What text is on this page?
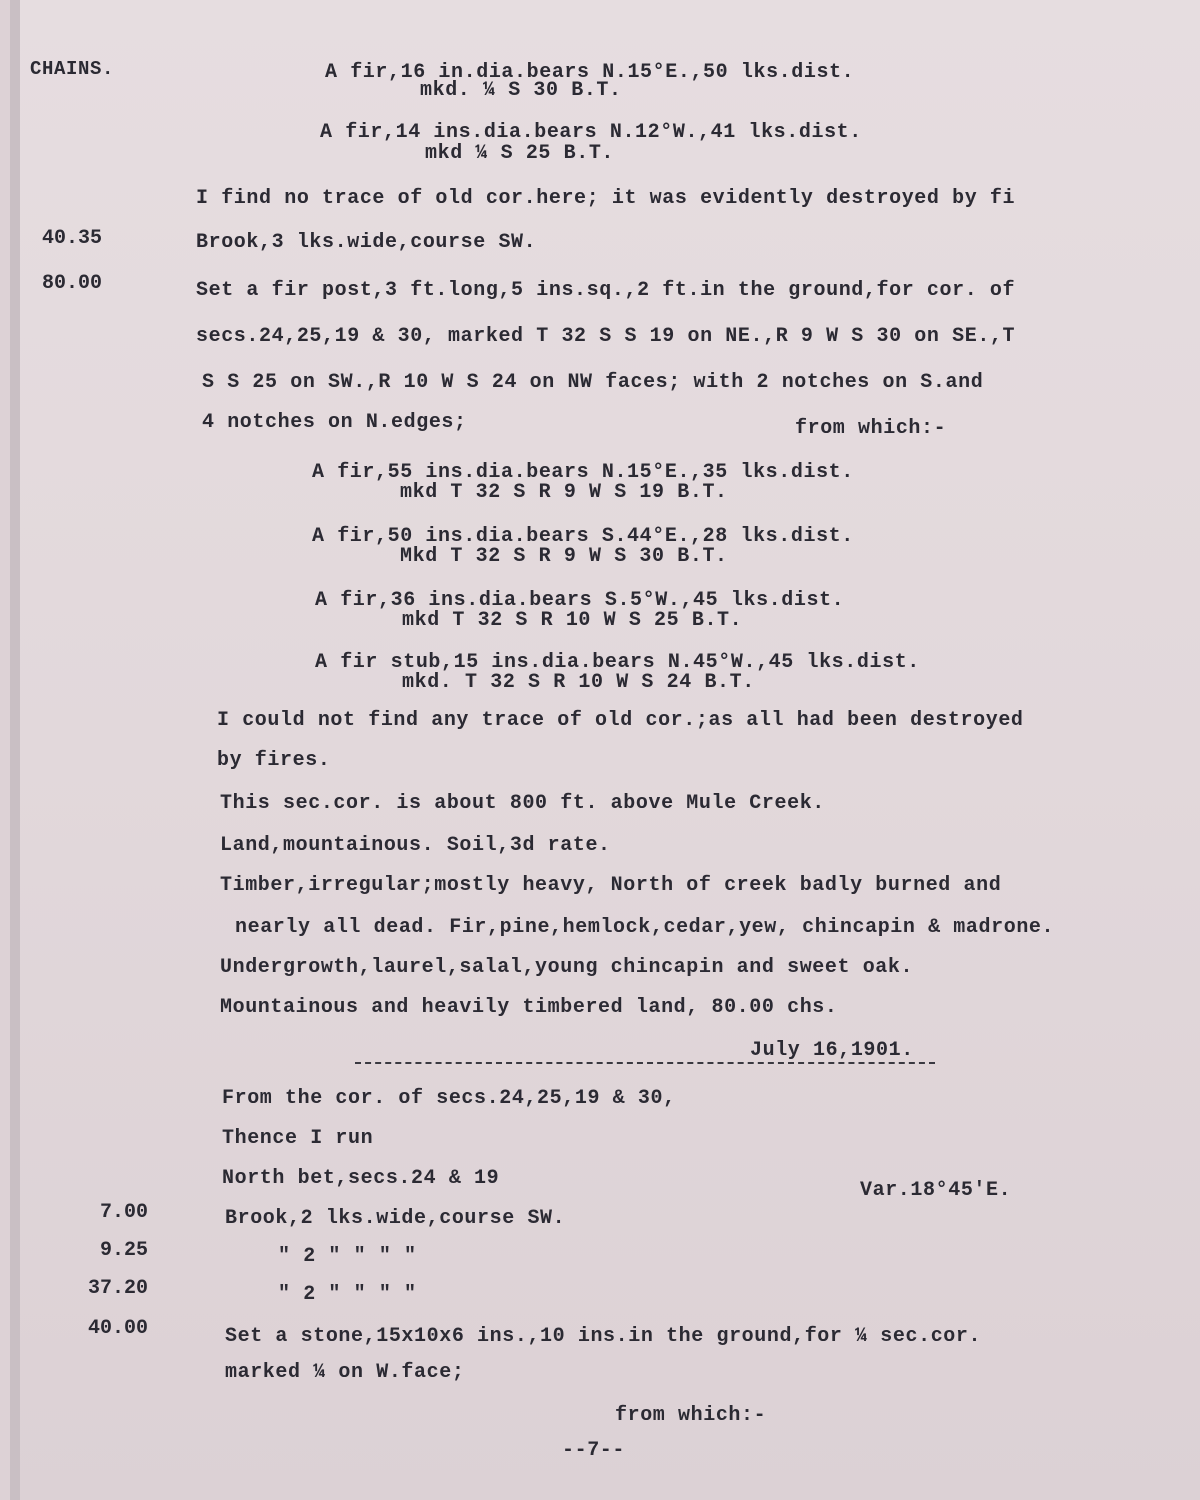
CHAINS.	A fir,16 in.dia.bears N.15°E.,50 lks.dist.
mkd. ¼ S 30 B.T.
A fir,14 ins.dia.bears N.12°W.,41 lks.dist.
mkd ¼ S 25 B.T.
I find no trace of old cor.here; it was evidently destroyed by fi
40.35	Brook,3 lks.wide,course SW.
80.00	Set a fir post,3 ft.long,5 ins.sq.,2 ft.in the ground,for cor. of
secs.24,25,19 & 30, marked T 32 S S 19 on NE.,R 9 W S 30 on SE.,T
S S 25 on SW.,R 10 W S 24 on NW faces; with 2 notches on S.and
4 notches on N.edges;	from which:-
A fir,55 ins.dia.bears N.15°E.,35 lks.dist.
mkd T 32 S R 9 W S 19 B.T.
A fir,50 ins.dia.bears S.44°E.,28 lks.dist.
Mkd T 32 S R 9 W S 30 B.T.
A fir,36 ins.dia.bears S.5°W.,45 lks.dist.
mkd T 32 S R 10 W S 25 B.T.
A fir stub,15 ins.dia.bears N.45°W.,45 lks.dist.
mkd. T 32 S R 10 W S 24 B.T.
I could not find any trace of old cor.;as all had been destroyed
by fires.
This sec.cor. is about 800 ft. above Mule Creek.
Land,mountainous. Soil,3d rate.
Timber,irregular;mostly heavy, North of creek badly burned and
nearly all dead. Fir,pine,hemlock,cedar,yew, chincapin & madrone.
Undergrowth,laurel,salal,young chincapin and sweet oak.
Mountainous and heavily timbered land, 80.00 chs.
July 16,1901.
From the cor. of secs.24,25,19 & 30,
Thence I run
North bet,secs.24 & 19
Var.18°45'E.
7.00	Brook,2 lks.wide,course SW.
9.25	" 2 " " " "
37.20	" 2 " " " "
40.00	Set a stone,15x10x6 ins.,10 ins.in the ground,for ¼ sec.cor.
marked ¼ on W.face;
from which:-
--7--
